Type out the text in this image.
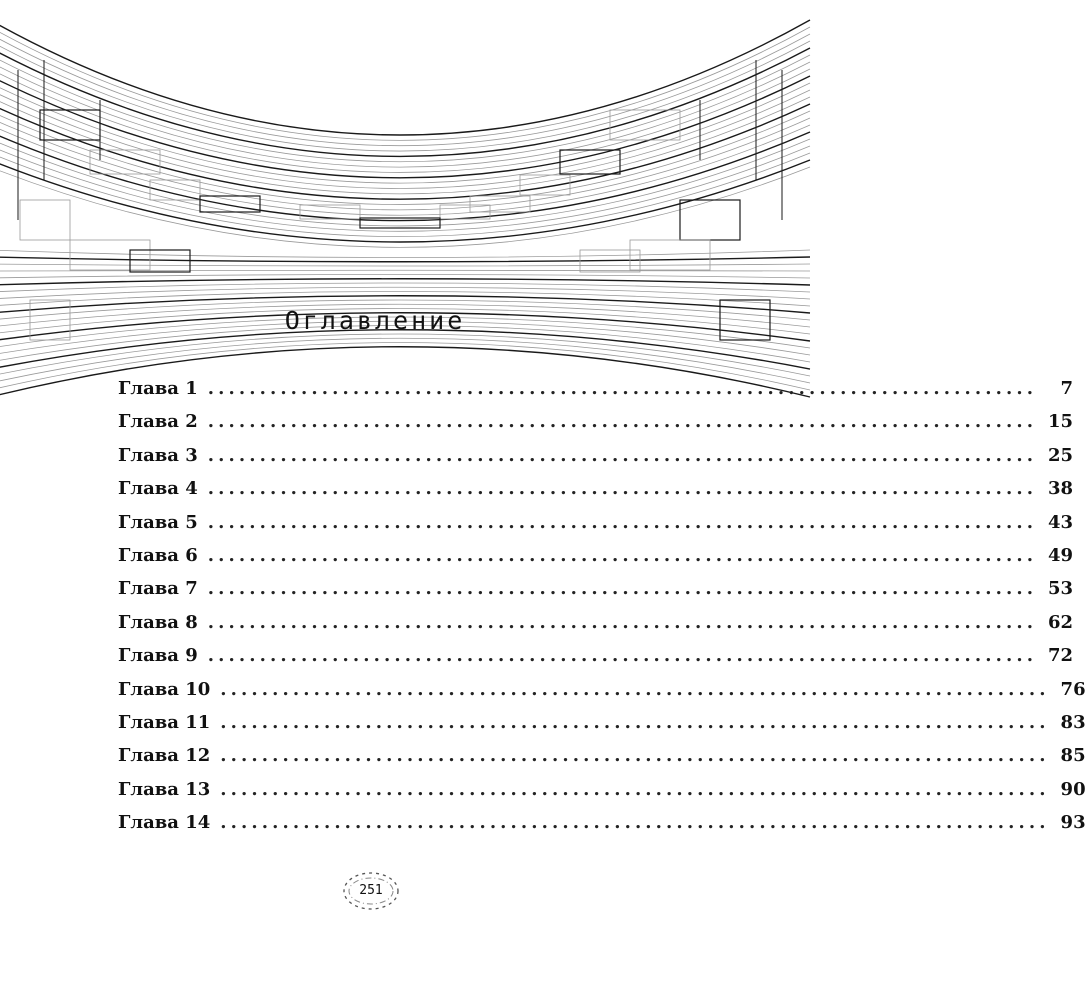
Оглавление
Глава 1 ................................................................................	7
Глава 2 ................................................................................ 15
Глава 3 ................................................................................ 25
Глава 4 ................................................................................ 38
Глава 5 ................................................................................ 43
Глава 6 ................................................................................ 49
Глава 7 ................................................................................ 53
Глава 8 ................................................................................ 62
Глава 9 ................................................................................ 72
Глава 10 ................................................................................ 76
Глава 11 ................................................................................ 83
Глава 12 ................................................................................ 85
Глава 13 ................................................................................ 90
Глава 14 ................................................................................ 93
251
